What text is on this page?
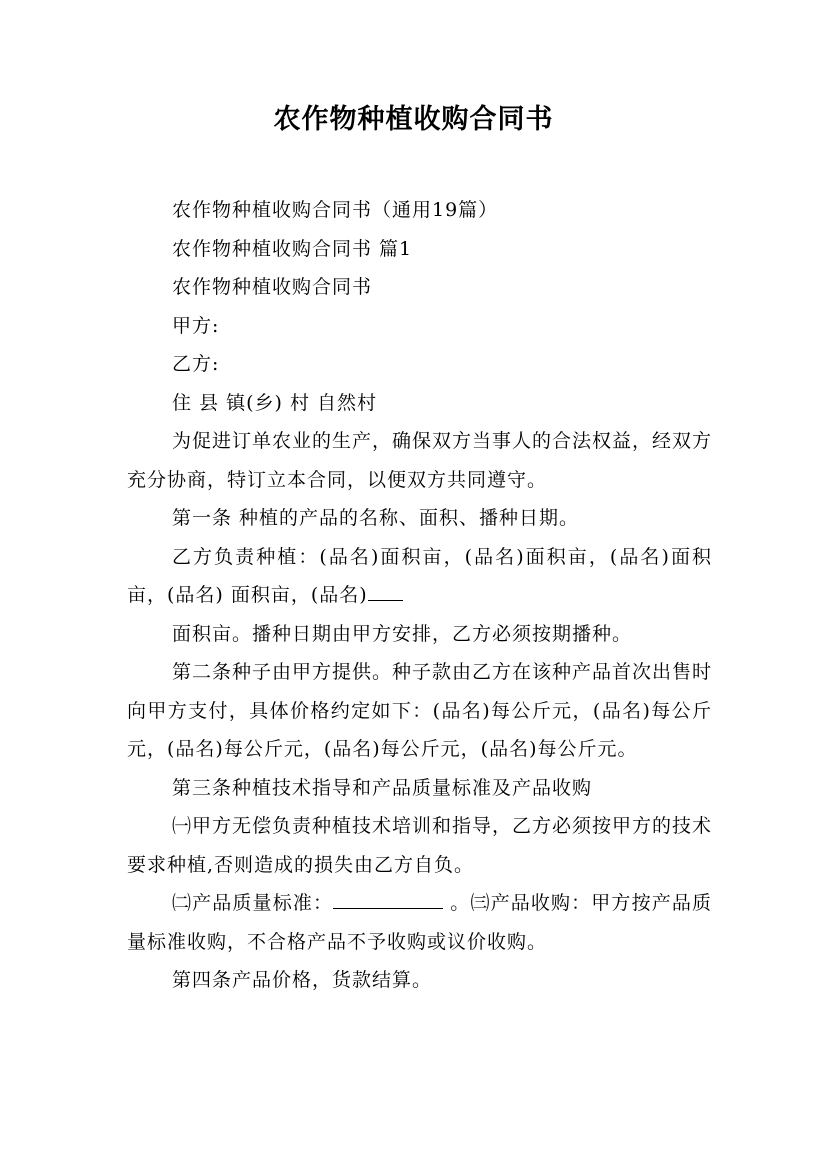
农作物种植收购合同书

农作物种植收购合同书（通用19篇）

农作物种植收购合同书 篇1

农作物种植收购合同书

甲方:

乙方:

住 县 镇(乡) 村 自然村

为促进订单农业的生产，确保双方当事人的合法权益，经双方充分协商，特订立本合同，以便双方共同遵守。

第一条 种植的产品的名称、面积、播种日期。

乙方负责种植：(品名)面积亩，(品名)面积亩，(品名)面积亩，(品名) 面积亩，(品名)

面积亩。播种日期由甲方安排，乙方必须按期播种。

第二条种子由甲方提供。种子款由乙方在该种产品首次出售时向甲方支付，具体价格约定如下：(品名)每公斤元，(品名)每公斤元，(品名)每公斤元，(品名)每公斤元，(品名)每公斤元。

第三条种植技术指导和产品质量标准及产品收购

㈠甲方无偿负责种植技术培训和指导，乙方必须按甲方的技术要求种植,否则造成的损失由乙方自负。

㈡产品质量标准：	。㈢产品收购：甲方按产品质量标准收购，不合格产品不予收购或议价收购。

第四条产品价格，货款结算。
